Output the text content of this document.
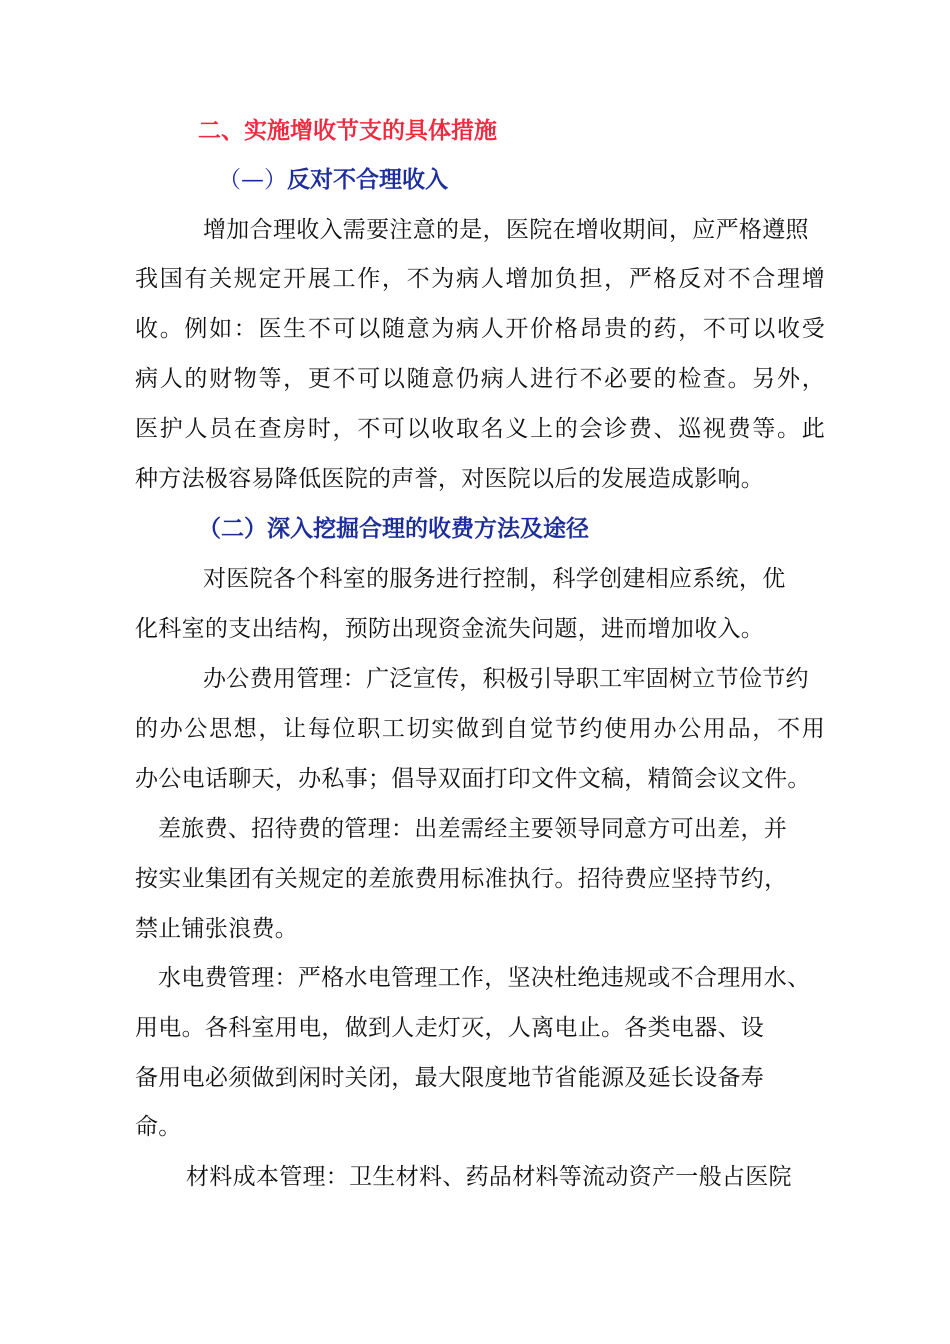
二、实施增收节支的具体措施
（—）反对不合理收入
增加合理收入需要注意的是，医院在增收期间，应严格遵照
我国有关规定开展工作，不为病人增加负担，严格反对不合理增
收。例如：医生不可以随意为病人开价格昂贵的药，不可以收受
病人的财物等，更不可以随意仍病人进行不必要的检查。另外，
医护人员在查房时，不可以收取名义上的会诊费、巡视费等。此
种方法极容易降低医院的声誉，对医院以后的发展造成影响。
（二）深入挖掘合理的收费方法及途径
对医院各个科室的服务进行控制，科学创建相应系统，优
化科室的支出结构，预防出现资金流失问题，进而增加收入。
办公费用管理：广泛宣传，积极引导职工牢固树立节俭节约
的办公思想，让每位职工切实做到自觉节约使用办公用品，不用
办公电话聊天，办私事；倡导双面打印文件文稿，精简会议文件。
差旅费、招待费的管理：出差需经主要领导同意方可出差，并
按实业集团有关规定的差旅费用标准执行。招待费应坚持节约，
禁止铺张浪费。
水电费管理：严格水电管理工作，坚决杜绝违规或不合理用水、
用电。各科室用电，做到人走灯灭，人离电止。各类电器、设
备用电必须做到闲时关闭，最大限度地节省能源及延长设备寿
命。
材料成本管理：卫生材料、药品材料等流动资产一般占医院
